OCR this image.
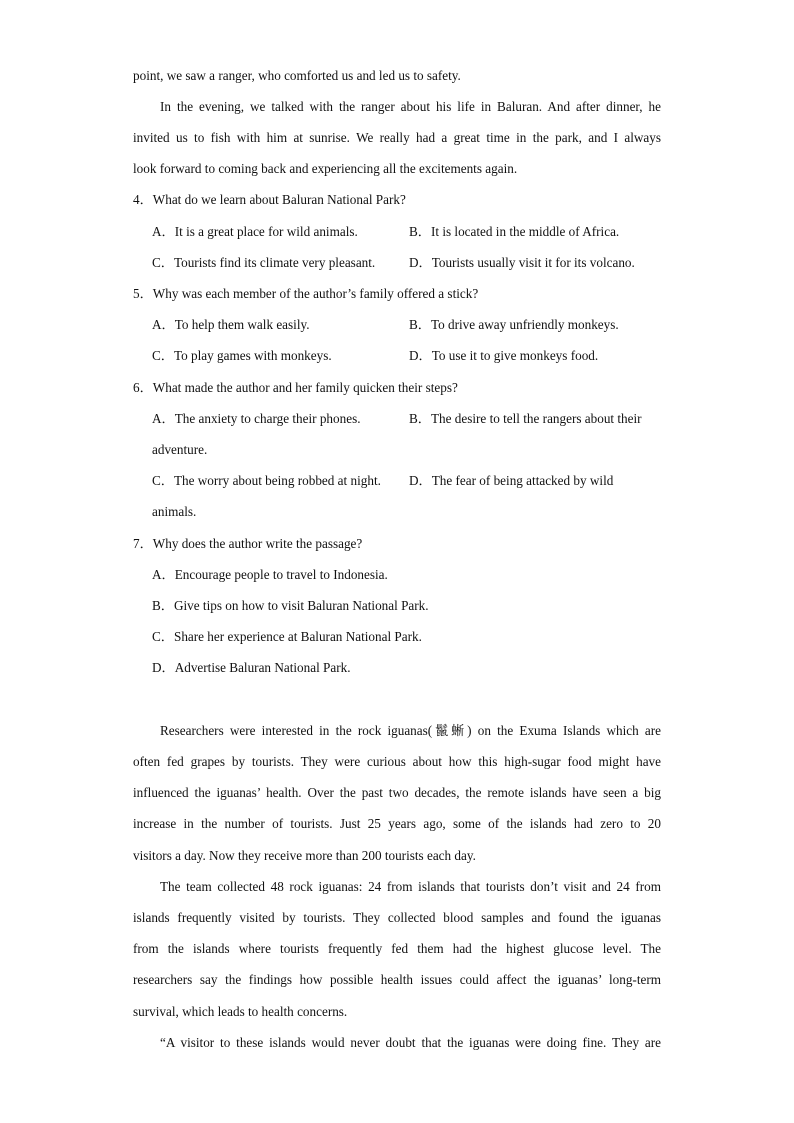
point, we saw a ranger, who comforted us and led us to safety.
In the evening, we talked with the ranger about his life in Baluran. And after dinner, he
invited us to fish with him at sunrise. We really had a great time in the park, and I always
look forward to coming back and experiencing all the excitements again.
4．What do we learn about Baluran National Park?
A．It is a great place for wild animals.	B．It is located in the middle of Africa.
C．Tourists find its climate very pleasant.	D．Tourists usually visit it for its volcano.
5．Why was each member of the author’s family offered a stick?
A．To help them walk easily.	B．To drive away unfriendly monkeys.
C．To play games with monkeys.	D．To use it to give monkeys food.
6．What made the author and her family quicken their steps?
A．The anxiety to charge their phones.	B．The desire to tell the rangers about their
adventure.
C．The worry about being robbed at night. D．The fear of being attacked by wild
animals.
7．Why does the author write the passage?
A．Encourage people to travel to Indonesia.
B．Give tips on how to visit Baluran National Park.
C．Share her experience at Baluran National Park.
D．Advertise Baluran National Park.
Researchers were interested in the rock iguanas(鬣蜥) on the Exuma Islands which are
often fed grapes by tourists. They were curious about how this high-sugar food might have
influenced the iguanas’ health. Over the past two decades, the remote islands have seen a big
increase in the number of tourists. Just 25 years ago, some of the islands had zero to 20
visitors a day. Now they receive more than 200 tourists each day.
The team collected 48 rock iguanas: 24 from islands that tourists don’t visit and 24 from
islands frequently visited by tourists. They collected blood samples and found the iguanas
from the islands where tourists frequently fed them had the highest glucose level. The
researchers say the findings how possible health issues could affect the iguanas’ long-term
survival, which leads to health concerns.
“A visitor to these islands would never doubt that the iguanas were doing fine. They are
